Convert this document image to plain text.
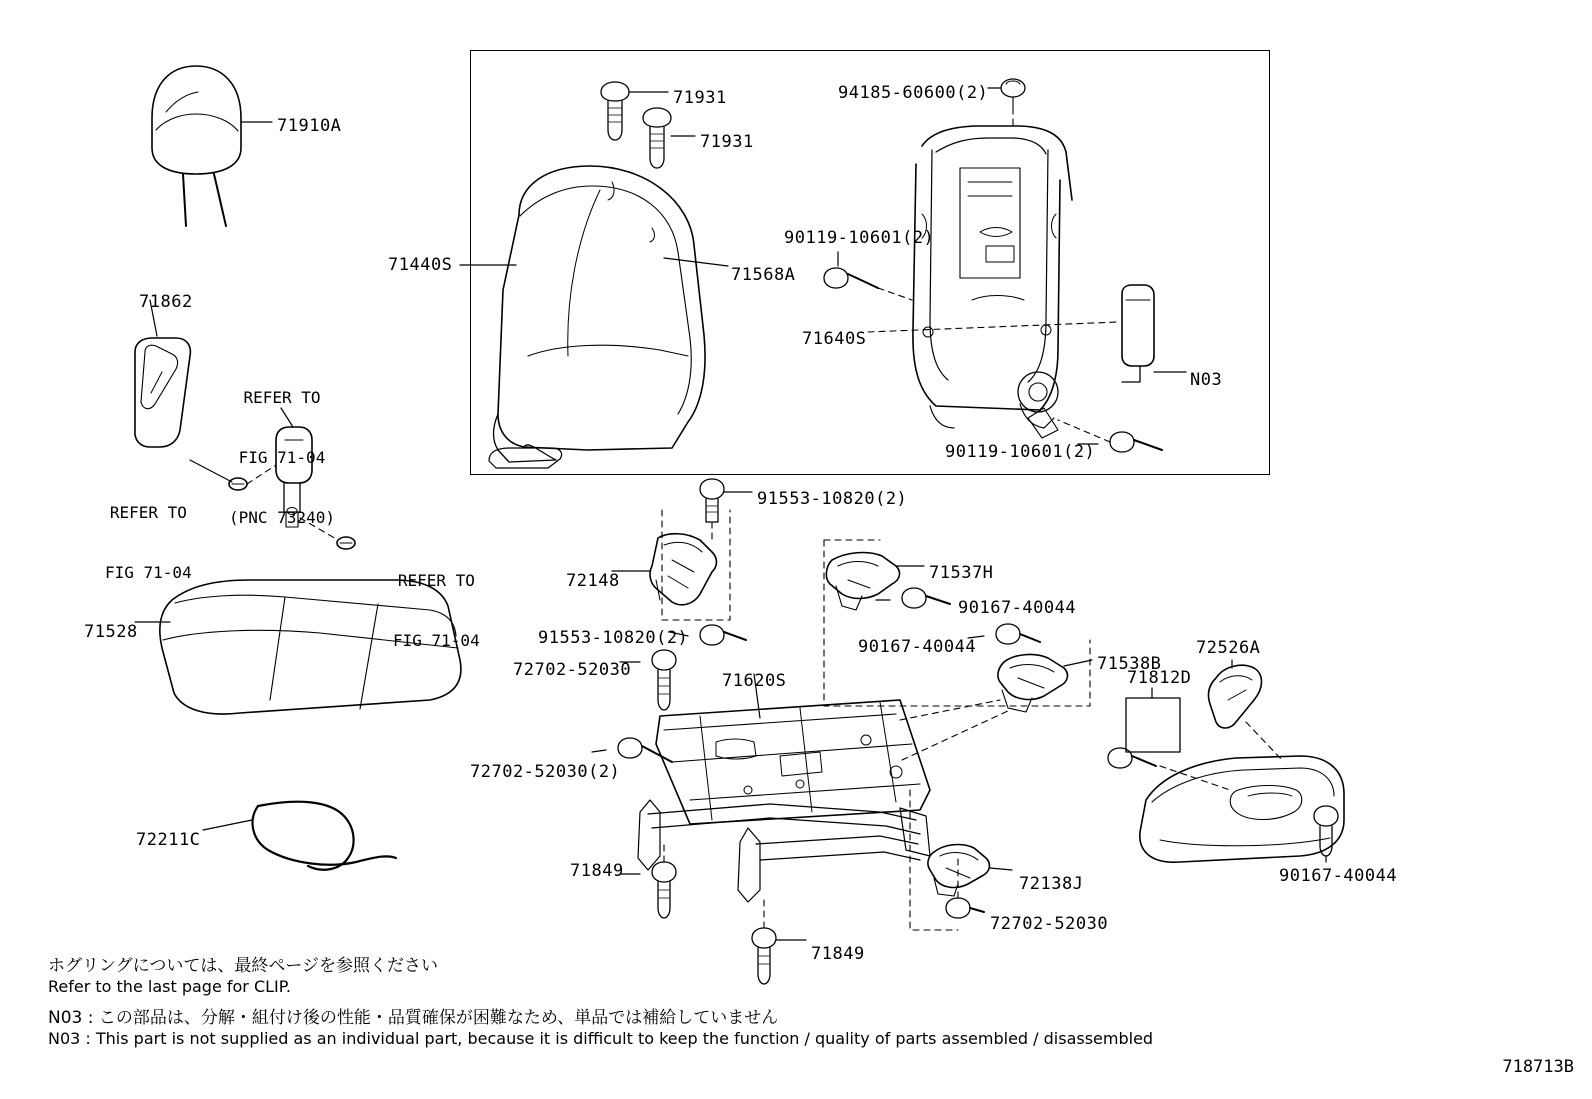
71910A
71862
71528
72211C
71440S
71931
71931
71568A
94185-60600(2)
90119-10601(2)
71640S
N03
90119-10601(2)
91553-10820(2)
72148
91553-10820(2)
72702-52030
71620S
72702-52030(2)
71849
71849
71537H
90167-40044
90167-40044
71538B
72526A
71812D
72138J
72702-52030
90167-40044

REFER TO

FIG 71-04

(PNC 73240)

REFER TO

FIG 71-04

	REFER TO

FIG 71-04

ホグリングについては、最終ページを参照ください
Refer to the last page for CLIP.
N03 : この部品は、分解・組付け後の性能・品質確保が困難なため、単品では補給していません
N03 : This part is not supplied as an individual part, because it is difficult to keep the function / quality of parts assembled / disassembled
718713B
